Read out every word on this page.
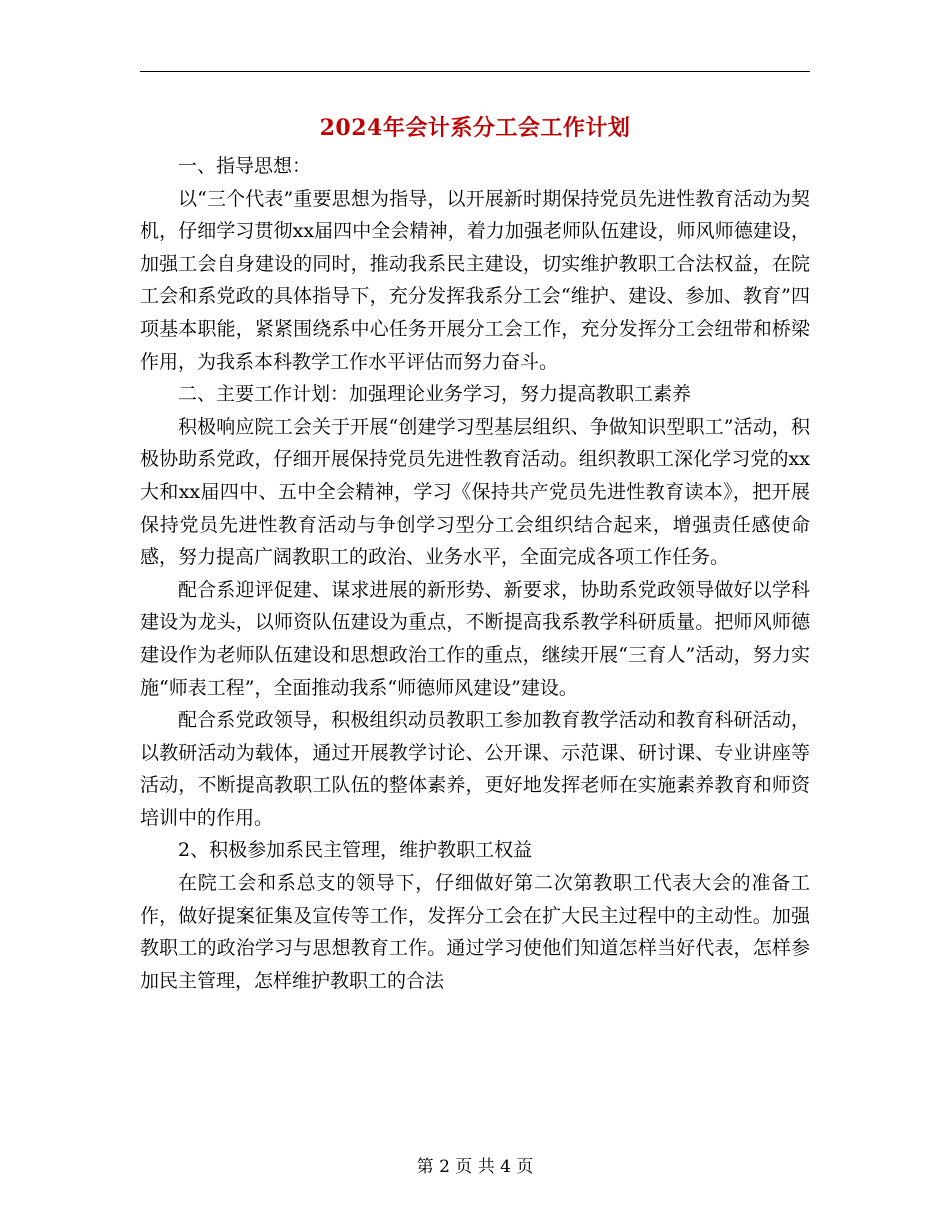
2024年会计系分工会工作计划

一、指导思想：

以“三个代表”重要思想为指导，以开展新时期保持党员先进性教育活动为契机，仔细学习贯彻xx届四中全会精神，着力加强老师队伍建设，师风师德建设，加强工会自身建设的同时，推动我系民主建设，切实维护教职工合法权益，在院工会和系党政的具体指导下，充分发挥我系分工会“维护、建设、参加、教育”四项基本职能，紧紧围绕系中心任务开展分工会工作，充分发挥分工会纽带和桥梁作用，为我系本科教学工作水平评估而努力奋斗。

二、主要工作计划：加强理论业务学习，努力提高教职工素养

积极响应院工会关于开展“创建学习型基层组织、争做知识型职工”活动，积极协助系党政，仔细开展保持党员先进性教育活动。组织教职工深化学习党的xx大和xx届四中、五中全会精神，学习《保持共产党员先进性教育读本》，把开展保持党员先进性教育活动与争创学习型分工会组织结合起来，增强责任感使命感，努力提高广阔教职工的政治、业务水平，全面完成各项工作任务。

配合系迎评促建、谋求进展的新形势、新要求，协助系党政领导做好以学科建设为龙头，以师资队伍建设为重点，不断提高我系教学科研质量。把师风师德建设作为老师队伍建设和思想政治工作的重点，继续开展“三育人”活动，努力实施“师表工程”，全面推动我系“师德师风建设”建设。

配合系党政领导，积极组织动员教职工参加教育教学活动和教育科研活动，以教研活动为载体，通过开展教学讨论、公开课、示范课、研讨课、专业讲座等活动，不断提高教职工队伍的整体素养，更好地发挥老师在实施素养教育和师资培训中的作用。

2、积极参加系民主管理，维护教职工权益

在院工会和系总支的领导下，仔细做好第二次第教职工代表大会的准备工作，做好提案征集及宣传等工作，发挥分工会在扩大民主过程中的主动性。加强教职工的政治学习与思想教育工作。通过学习使他们知道怎样当好代表，怎样参加民主管理，怎样维护教职工的合法

第 2 页 共 4 页
